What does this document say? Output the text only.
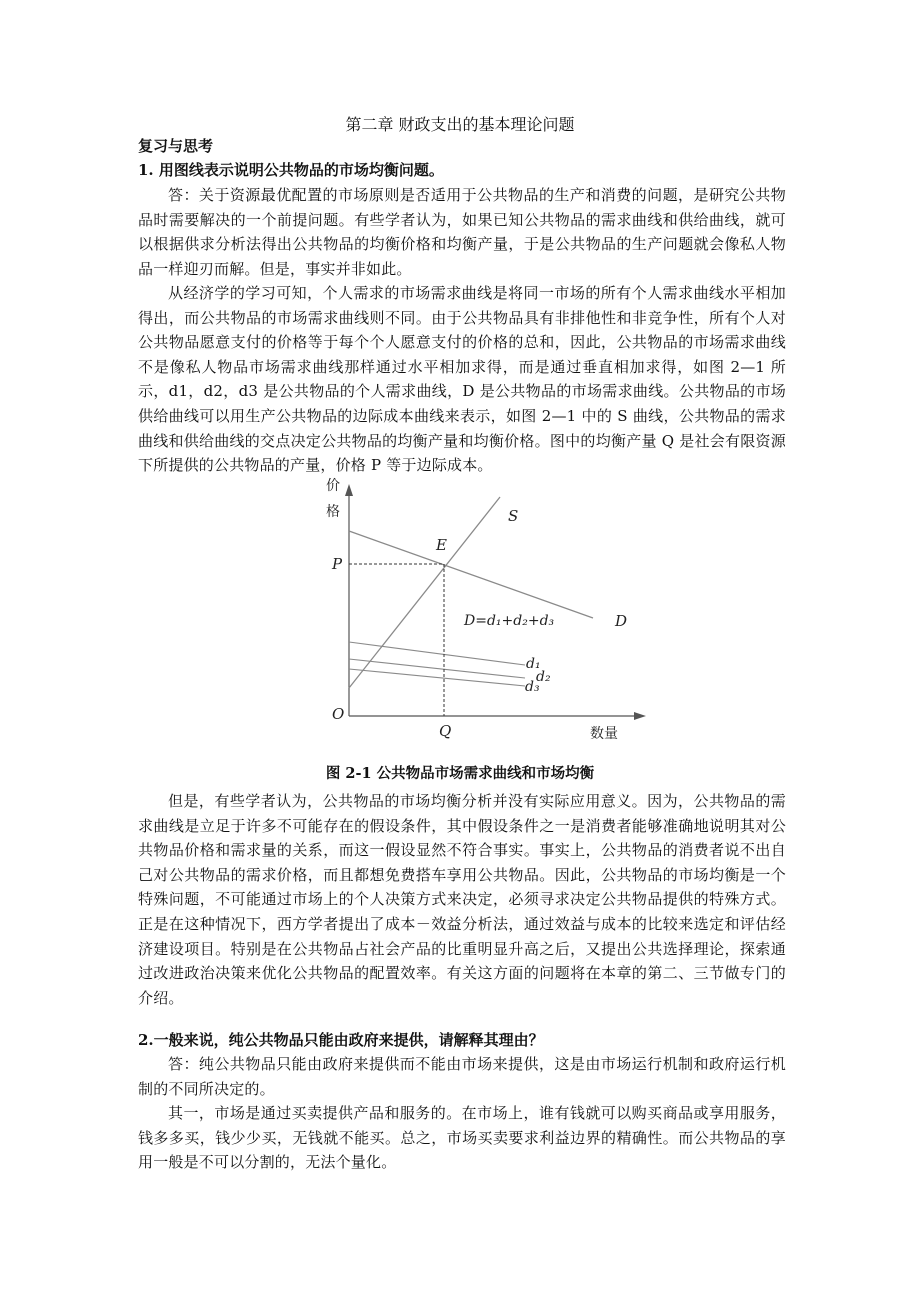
第二章 财政支出的基本理论问题
复习与思考
1. 用图线表示说明公共物品的市场均衡问题。
答：关于资源最优配置的市场原则是否适用于公共物品的生产和消费的问题，是研究公共物品时需要解决的一个前提问题。有些学者认为，如果已知公共物品的需求曲线和供给曲线，就可以根据供求分析法得出公共物品的均衡价格和均衡产量，于是公共物品的生产问题就会像私人物品一样迎刃而解。但是，事实并非如此。
从经济学的学习可知，个人需求的市场需求曲线是将同一市场的所有个人需求曲线水平相加得出，而公共物品的市场需求曲线则不同。由于公共物品具有非排他性和非竞争性，所有个人对公共物品愿意支付的价格等于每个个人愿意支付的价格的总和，因此，公共物品的市场需求曲线不是像私人物品市场需求曲线那样通过水平相加求得，而是通过垂直相加求得，如图 2—1 所示，d1，d2，d3 是公共物品的个人需求曲线，D 是公共物品的市场需求曲线。公共物品的市场供给曲线可以用生产公共物品的边际成本曲线来表示，如图 2—1 中的 S 曲线，公共物品的需求曲线和供给曲线的交点决定公共物品的均衡产量和均衡价格。图中的均衡产量 Q 是社会有限资源下所提供的公共物品的产量，价格 P 等于边际成本。
价
格
O
P
Q	数量
E
S
D
D=d₁+d₂+d₃
d₁
d₂
d₃
图 2-1 公共物品市场需求曲线和市场均衡
但是，有些学者认为，公共物品的市场均衡分析并没有实际应用意义。因为，公共物品的需求曲线是立足于许多不可能存在的假设条件，其中假设条件之一是消费者能够准确地说明其对公共物品价格和需求量的关系，而这一假设显然不符合事实。事实上，公共物品的消费者说不出自己对公共物品的需求价格，而且都想免费搭车享用公共物品。因此，公共物品的市场均衡是一个特殊问题，不可能通过市场上的个人决策方式来决定，必须寻求决定公共物品提供的特殊方式。正是在这种情况下，西方学者提出了成本－效益分析法，通过效益与成本的比较来选定和评估经济建设项目。特别是在公共物品占社会产品的比重明显升高之后，又提出公共选择理论，探索通过改进政治决策来优化公共物品的配置效率。有关这方面的问题将在本章的第二、三节做专门的介绍。
2.一般来说，纯公共物品只能由政府来提供，请解释其理由？
答：纯公共物品只能由政府来提供而不能由市场来提供，这是由市场运行机制和政府运行机制的不同所决定的。
其一，市场是通过买卖提供产品和服务的。在市场上，谁有钱就可以购买商品或享用服务，钱多多买，钱少少买，无钱就不能买。总之，市场买卖要求利益边界的精确性。而公共物品的享用一般是不可以分割的，无法个量化。
